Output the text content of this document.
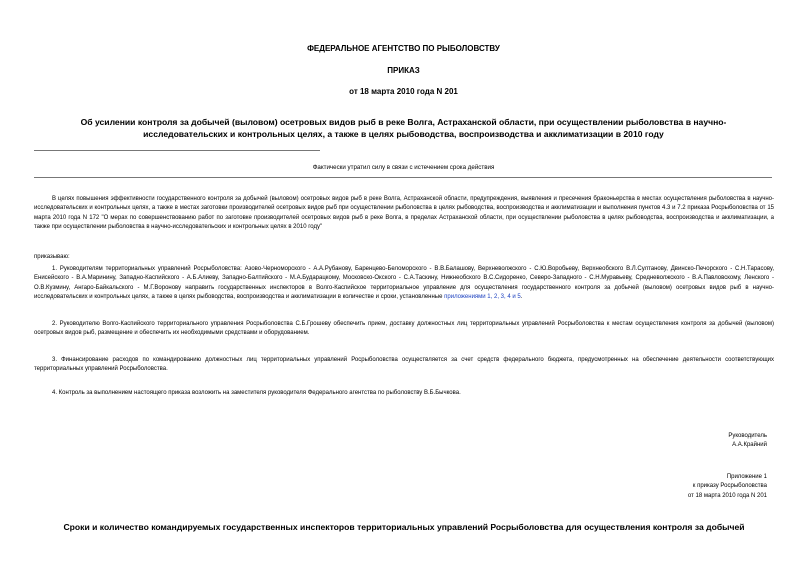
ФЕДЕРАЛЬНОЕ АГЕНТСТВО ПО РЫБОЛОВСТВУ
ПРИКАЗ
от 18 марта 2010 года N 201
Об усилении контроля за добычей (выловом) осетровых видов рыб в реке Волга, Астраханской области, при осуществлении рыболовства в научно-исследовательских и контрольных целях, а также в целях рыбоводства, воспроизводства и акклиматизации в 2010 году
Фактически утратил силу в связи с истечением срока действия
В целях повышения эффективности государственного контроля за добычей (выловом) осетровых видов рыб в реке Волга, Астраханской области, предупреждения, выявления и пресечения браконьерства в местах осуществления рыболовства в научно-исследовательских и контрольных целях, а также в местах заготовки производителей осетровых видов рыб при осуществлении рыболовства в целях рыбоводства, воспроизводства и акклиматизации и выполнения пунктов 4.3 и 7.2 приказа Росрыболовства от 15 марта 2010 года N 172 "О мерах по совершенствованию работ по заготовке производителей осетровых видов рыб в реке Волга, в пределах Астраханской области, при осуществлении рыболовства в целях рыбоводства, воспроизводства и акклиматизации, а также при осуществлении рыболовства в научно-исследовательских и контрольных целях в 2010 году"
приказываю:
1. Руководителям территориальных управлений Росрыболовства: Азово-Черноморского - А.А.Рубанову, Баренцево-Беломорского - В.В.Балашову, Верхневолжского - С.Ю.Воробьеву, Верхнеобского В.Л.Султанову, Двинско-Печорского - С.Н.Тарасову, Енисейского - В.А.Маринину, Западно-Каспийского - А.Б.Алиеву, Западно-Балтийского - М.А.Бударацкому, Московско-Окского - С.А.Таскину, Нижнеобского В.С.Сидоренко, Северо-Западного - С.Н.Муравьеву, Средневолжского - В.А.Павловскому, Ленского - О.В.Кузмину, Ангаро-Байкальского - М.Г.Воронову направить государственных инспекторов в Волго-Каспийское территориальное управление для осуществления государственного контроля за добычей (выловом) осетровых видов рыб в научно-исследовательских и контрольных целях, а также в целях рыбоводства, воспроизводства и акклиматизации в количестве и сроки, установленные приложениями 1, 2, 3, 4 и 5.
2. Руководителю Волго-Каспийского территориального управления Росрыболовства С.Б.Грошеву обеспечить прием, доставку должностных лиц территориальных управлений Росрыболовства к местам осуществления контроля за добычей (выловом) осетровых видов рыб, размещение и обеспечить их необходимыми средствами и оборудованием.
3. Финансирование расходов по командированию должностных лиц территориальных управлений Росрыболовства осуществляется за счет средств федерального бюджета, предусмотренных на обеспечение деятельности соответствующих территориальных управлений Росрыболовства.
4. Контроль за выполнением настоящего приказа возложить на заместителя руководителя Федерального агентства по рыболовству В.Б.Бычкова.
Руководитель
А.А.Крайний
Приложение 1
к приказу Росрыболовства
от 18 марта 2010 года N 201
Сроки и количество командируемых государственных инспекторов территориальных управлений Росрыболовства для осуществления контроля за добычей
